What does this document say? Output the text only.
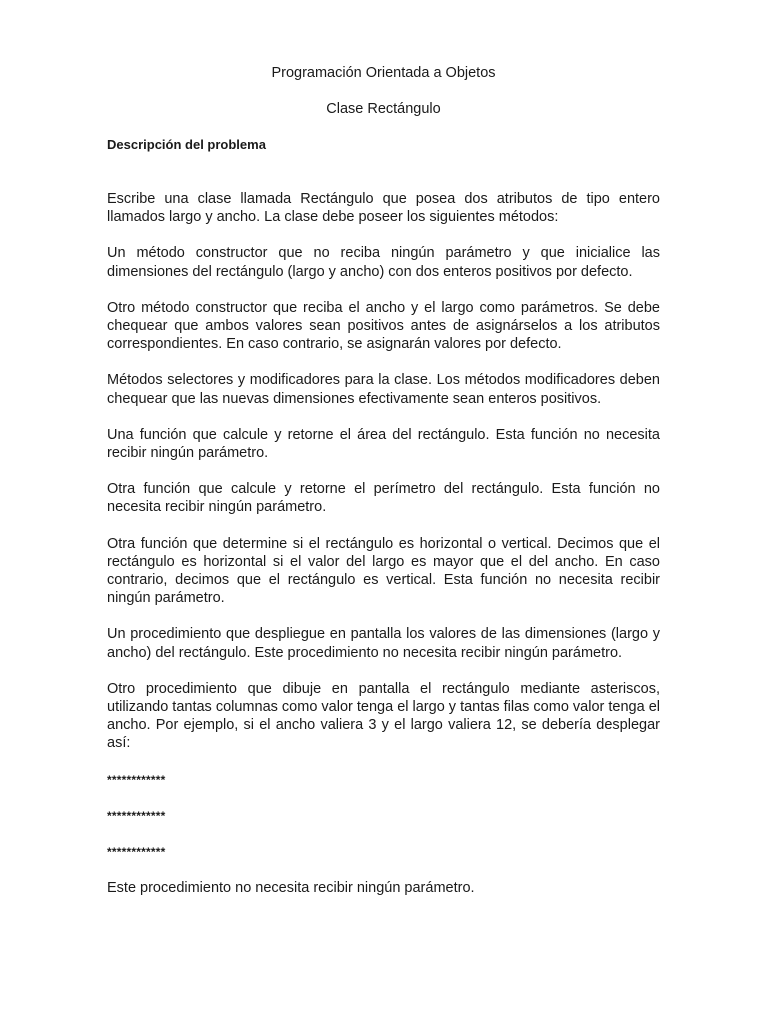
Programación Orientada a Objetos

Clase Rectángulo

Descripción del problema

Escribe una clase llamada Rectángulo que posea dos atributos de tipo entero llamados largo y ancho. La clase debe poseer los siguientes métodos:

Un método constructor que no reciba ningún parámetro y que inicialice las dimensiones del rectángulo (largo y ancho) con dos enteros positivos por defecto.

Otro método constructor que reciba el ancho y el largo como parámetros. Se debe chequear que ambos valores sean positivos antes de asignárselos a los atributos correspondientes. En caso contrario, se asignarán valores por defecto.

Métodos selectores y modificadores para la clase. Los métodos modificadores deben chequear que las nuevas dimensiones efectivamente sean enteros positivos.

Una función que calcule y retorne el área del rectángulo. Esta función no necesita recibir ningún parámetro.

Otra función que calcule y retorne el perímetro del rectángulo. Esta función no necesita recibir ningún parámetro.

Otra función que determine si el rectángulo es horizontal o vertical. Decimos que el rectángulo es horizontal si el valor del largo es mayor que el del ancho. En caso contrario, decimos que el rectángulo es vertical. Esta función no necesita recibir ningún parámetro.

Un procedimiento que despliegue en pantalla los valores de las dimensiones (largo y ancho) del rectángulo. Este procedimiento no necesita recibir ningún parámetro.

Otro procedimiento que dibuje en pantalla el rectángulo mediante asteriscos, utilizando tantas columnas como valor tenga el largo y tantas filas como valor tenga el ancho. Por ejemplo, si el ancho valiera 3 y el largo valiera 12, se debería desplegar así:

************

************

************

Este procedimiento no necesita recibir ningún parámetro.
